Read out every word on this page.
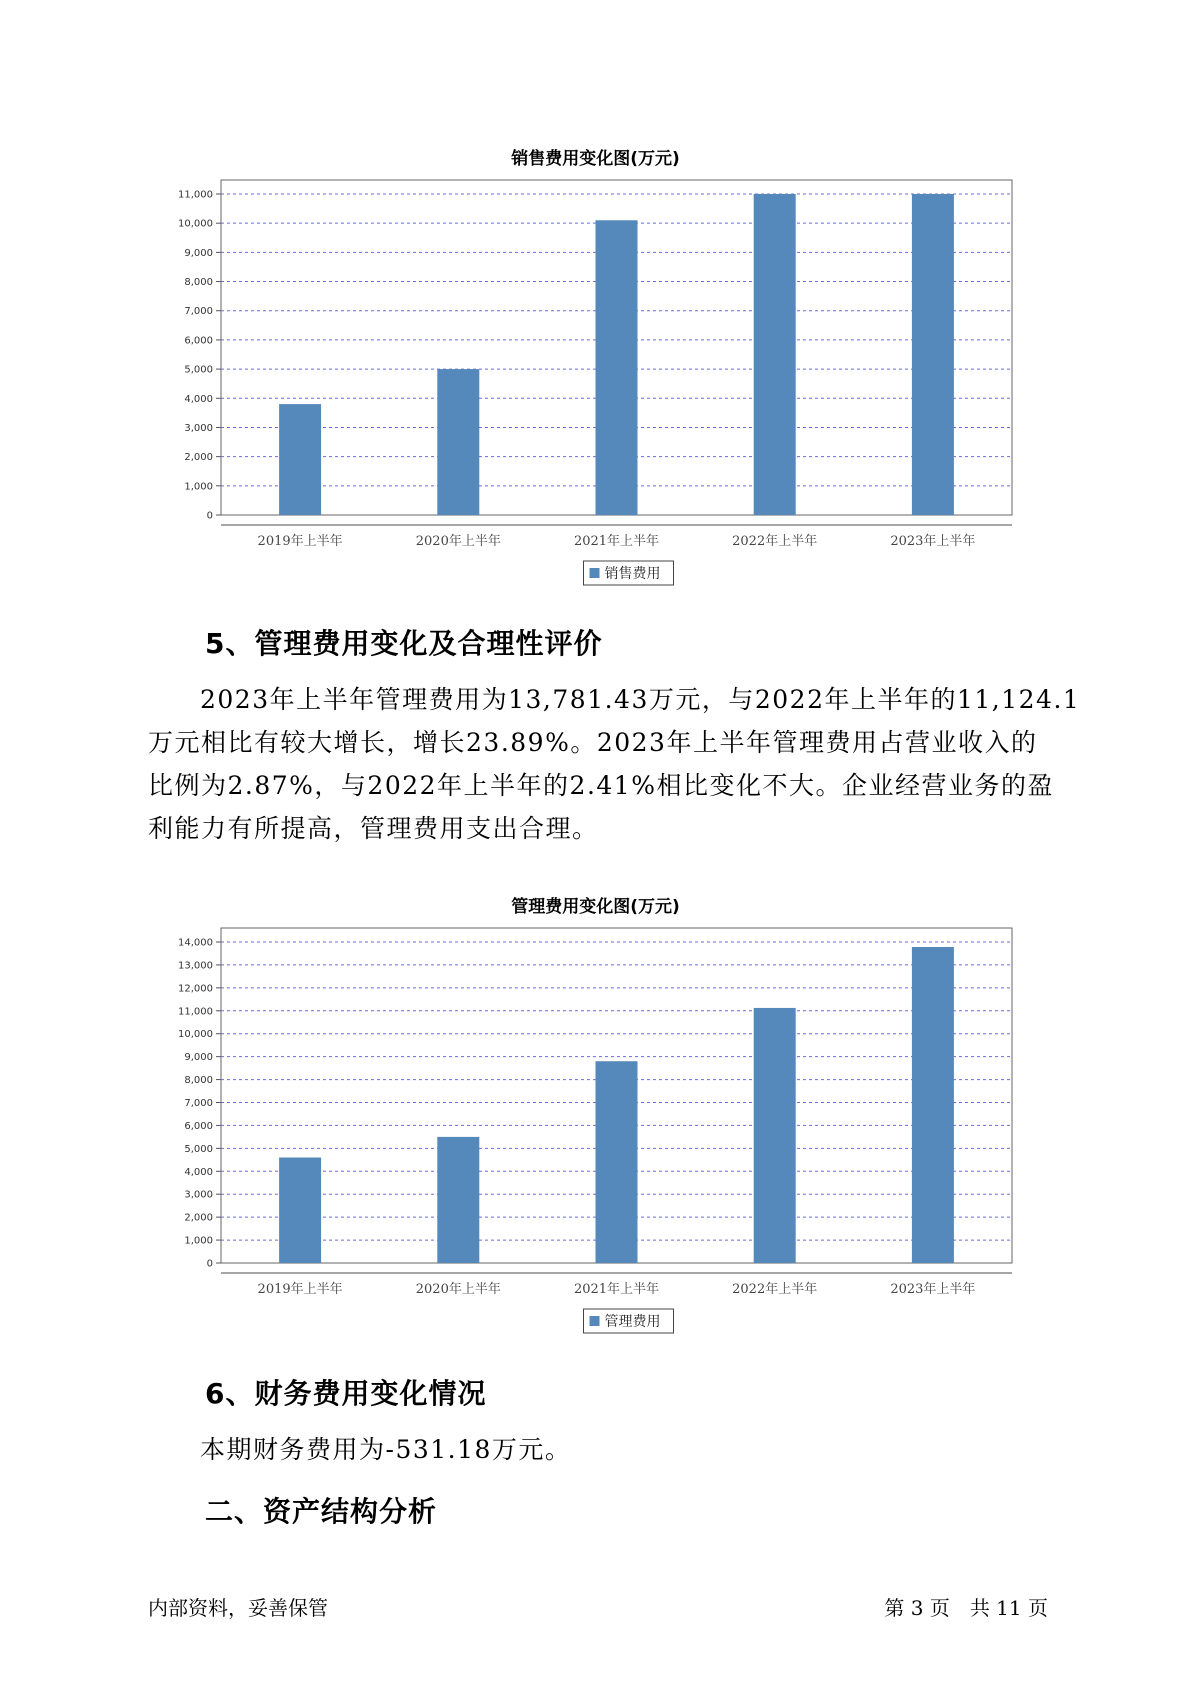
销售费用变化图(万元)
0
1,000
2,000
3,000
4,000
5,000
6,000
7,000
8,000
9,000
10,000
11,000
2019年上半年	2020年上半年	2021年上半年	2022年上半年	2023年上半年
销售费用
5、管理费用变化及合理性评价
2023年上半年管理费用为13,781.43万元，与2022年上半年的11,124.1
万元相比有较大增长，增长23.89%。2023年上半年管理费用占营业收入的
比例为2.87%，与2022年上半年的2.41%相比变化不大。企业经营业务的盈
利能力有所提高，管理费用支出合理。
管理费用变化图(万元)
0
1,000
2,000
3,000
4,000
5,000
6,000
7,000
8,000
9,000
10,000
11,000
12,000
13,000
14,000
2019年上半年	2020年上半年	2021年上半年	2022年上半年	2023年上半年
管理费用
6、财务费用变化情况
本期财务费用为-531.18万元。
二、资产结构分析
内部资料，妥善保管	第 3 页　共 11 页
